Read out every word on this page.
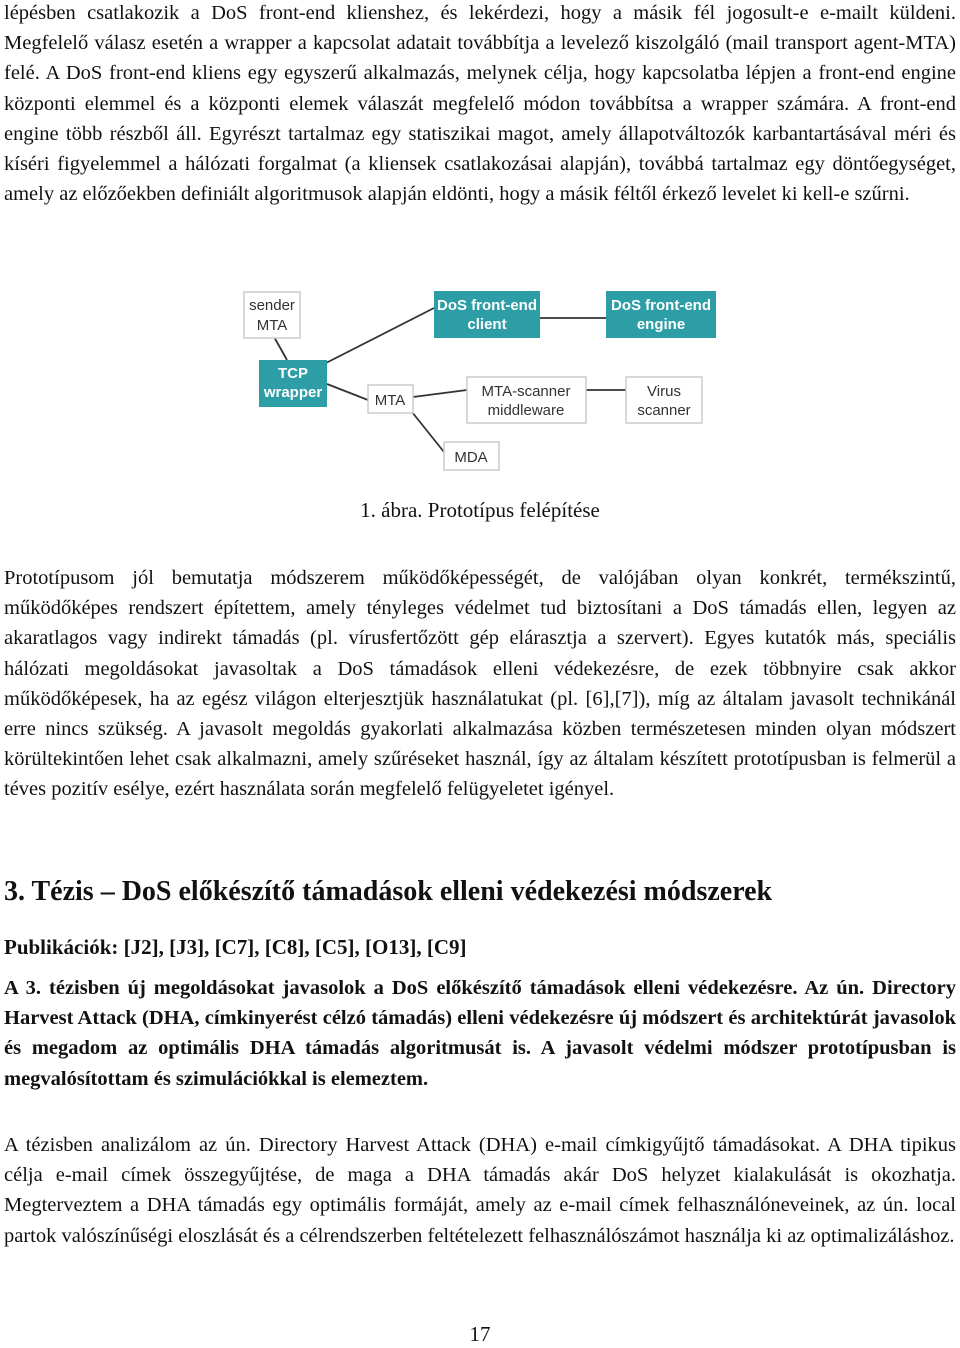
lépésben csatlakozik a DoS front-end klienshez, és lekérdezi, hogy a másik fél jogosult-e e-mailt küldeni. Megfelelő válasz esetén a wrapper a kapcsolat adatait továbbítja a levelező kiszolgáló (mail transport agent-MTA) felé. A DoS front-end kliens egy egyszerű alkalmazás, melynek célja, hogy kapcsolatba lépjen a front-end engine központi elemmel és a központi elemek válaszát megfelelő módon továbbítsa a wrapper számára. A front-end engine több részből áll. Egyrészt tartalmaz egy statiszikai magot, amely állapotváltozók karbantartásával méri és kíséri figyelemmel a hálózati forgalmat (a kliensek csatlakozásai alapján), továbbá tartalmaz egy döntőegységet, amely az előzőekben definiált algoritmusok alapján eldönti, hogy a másik féltől érkező levelet ki kell-e szűrni.

sender
MTA
DoS front-end
client
DoS front-end
engine
TCP
wrapper	MTA
MTA-scanner
middleware
Virus
scanner
MDA

1. ábra. Prototípus felépítése

Prototípusom jól bemutatja módszerem működőképességét, de valójában olyan konkrét, termékszintű, működőképes rendszert építettem, amely tényleges védelmet tud biztosítani a DoS támadás ellen, legyen az akaratlagos vagy indirekt támadás (pl. vírusfertőzött gép elárasztja a szervert). Egyes kutatók más, speciális hálózati megoldásokat javasoltak a DoS támadások elleni védekezésre, de ezek többnyire csak akkor működőképesek, ha az egész világon elterjesztjük használatukat (pl. [6],[7]), míg az általam javasolt technikánál erre nincs szükség. A javasolt megoldás gyakorlati alkalmazása közben természetesen minden olyan módszert körültekintően lehet csak alkalmazni, amely szűréseket használ, így az általam készített prototípusban is felmerül a téves pozitív esélye, ezért használata során megfelelő felügyeletet igényel.

3. Tézis – DoS előkészítő támadások elleni védekezési módszerek

Publikációk: [J2], [J3], [C7], [C8], [C5], [O13], [C9]

A 3. tézisben új megoldásokat javasolok a DoS előkészítő támadások elleni védekezésre. Az ún. Directory Harvest Attack (DHA, címkinyerést célzó támadás) elleni védekezésre új módszert és architektúrát javasolok és megadom az optimális DHA támadás algoritmusát is. A javasolt védelmi módszer prototípusban is megvalósítottam és szimulációkkal is elemeztem.

A tézisben analizálom az ún. Directory Harvest Attack (DHA) e-mail címkigyűjtő támadásokat. A DHA tipikus célja e-mail címek összegyűjtése, de maga a DHA támadás akár DoS helyzet kialakulását is okozhatja. Megterveztem a DHA támadás egy optimális formáját, amely az e-mail címek felhasználóneveinek, az ún. local partok valószínűségi eloszlását és a célrendszerben feltételezett felhasználószámot használja ki az optimalizáláshoz.

17
